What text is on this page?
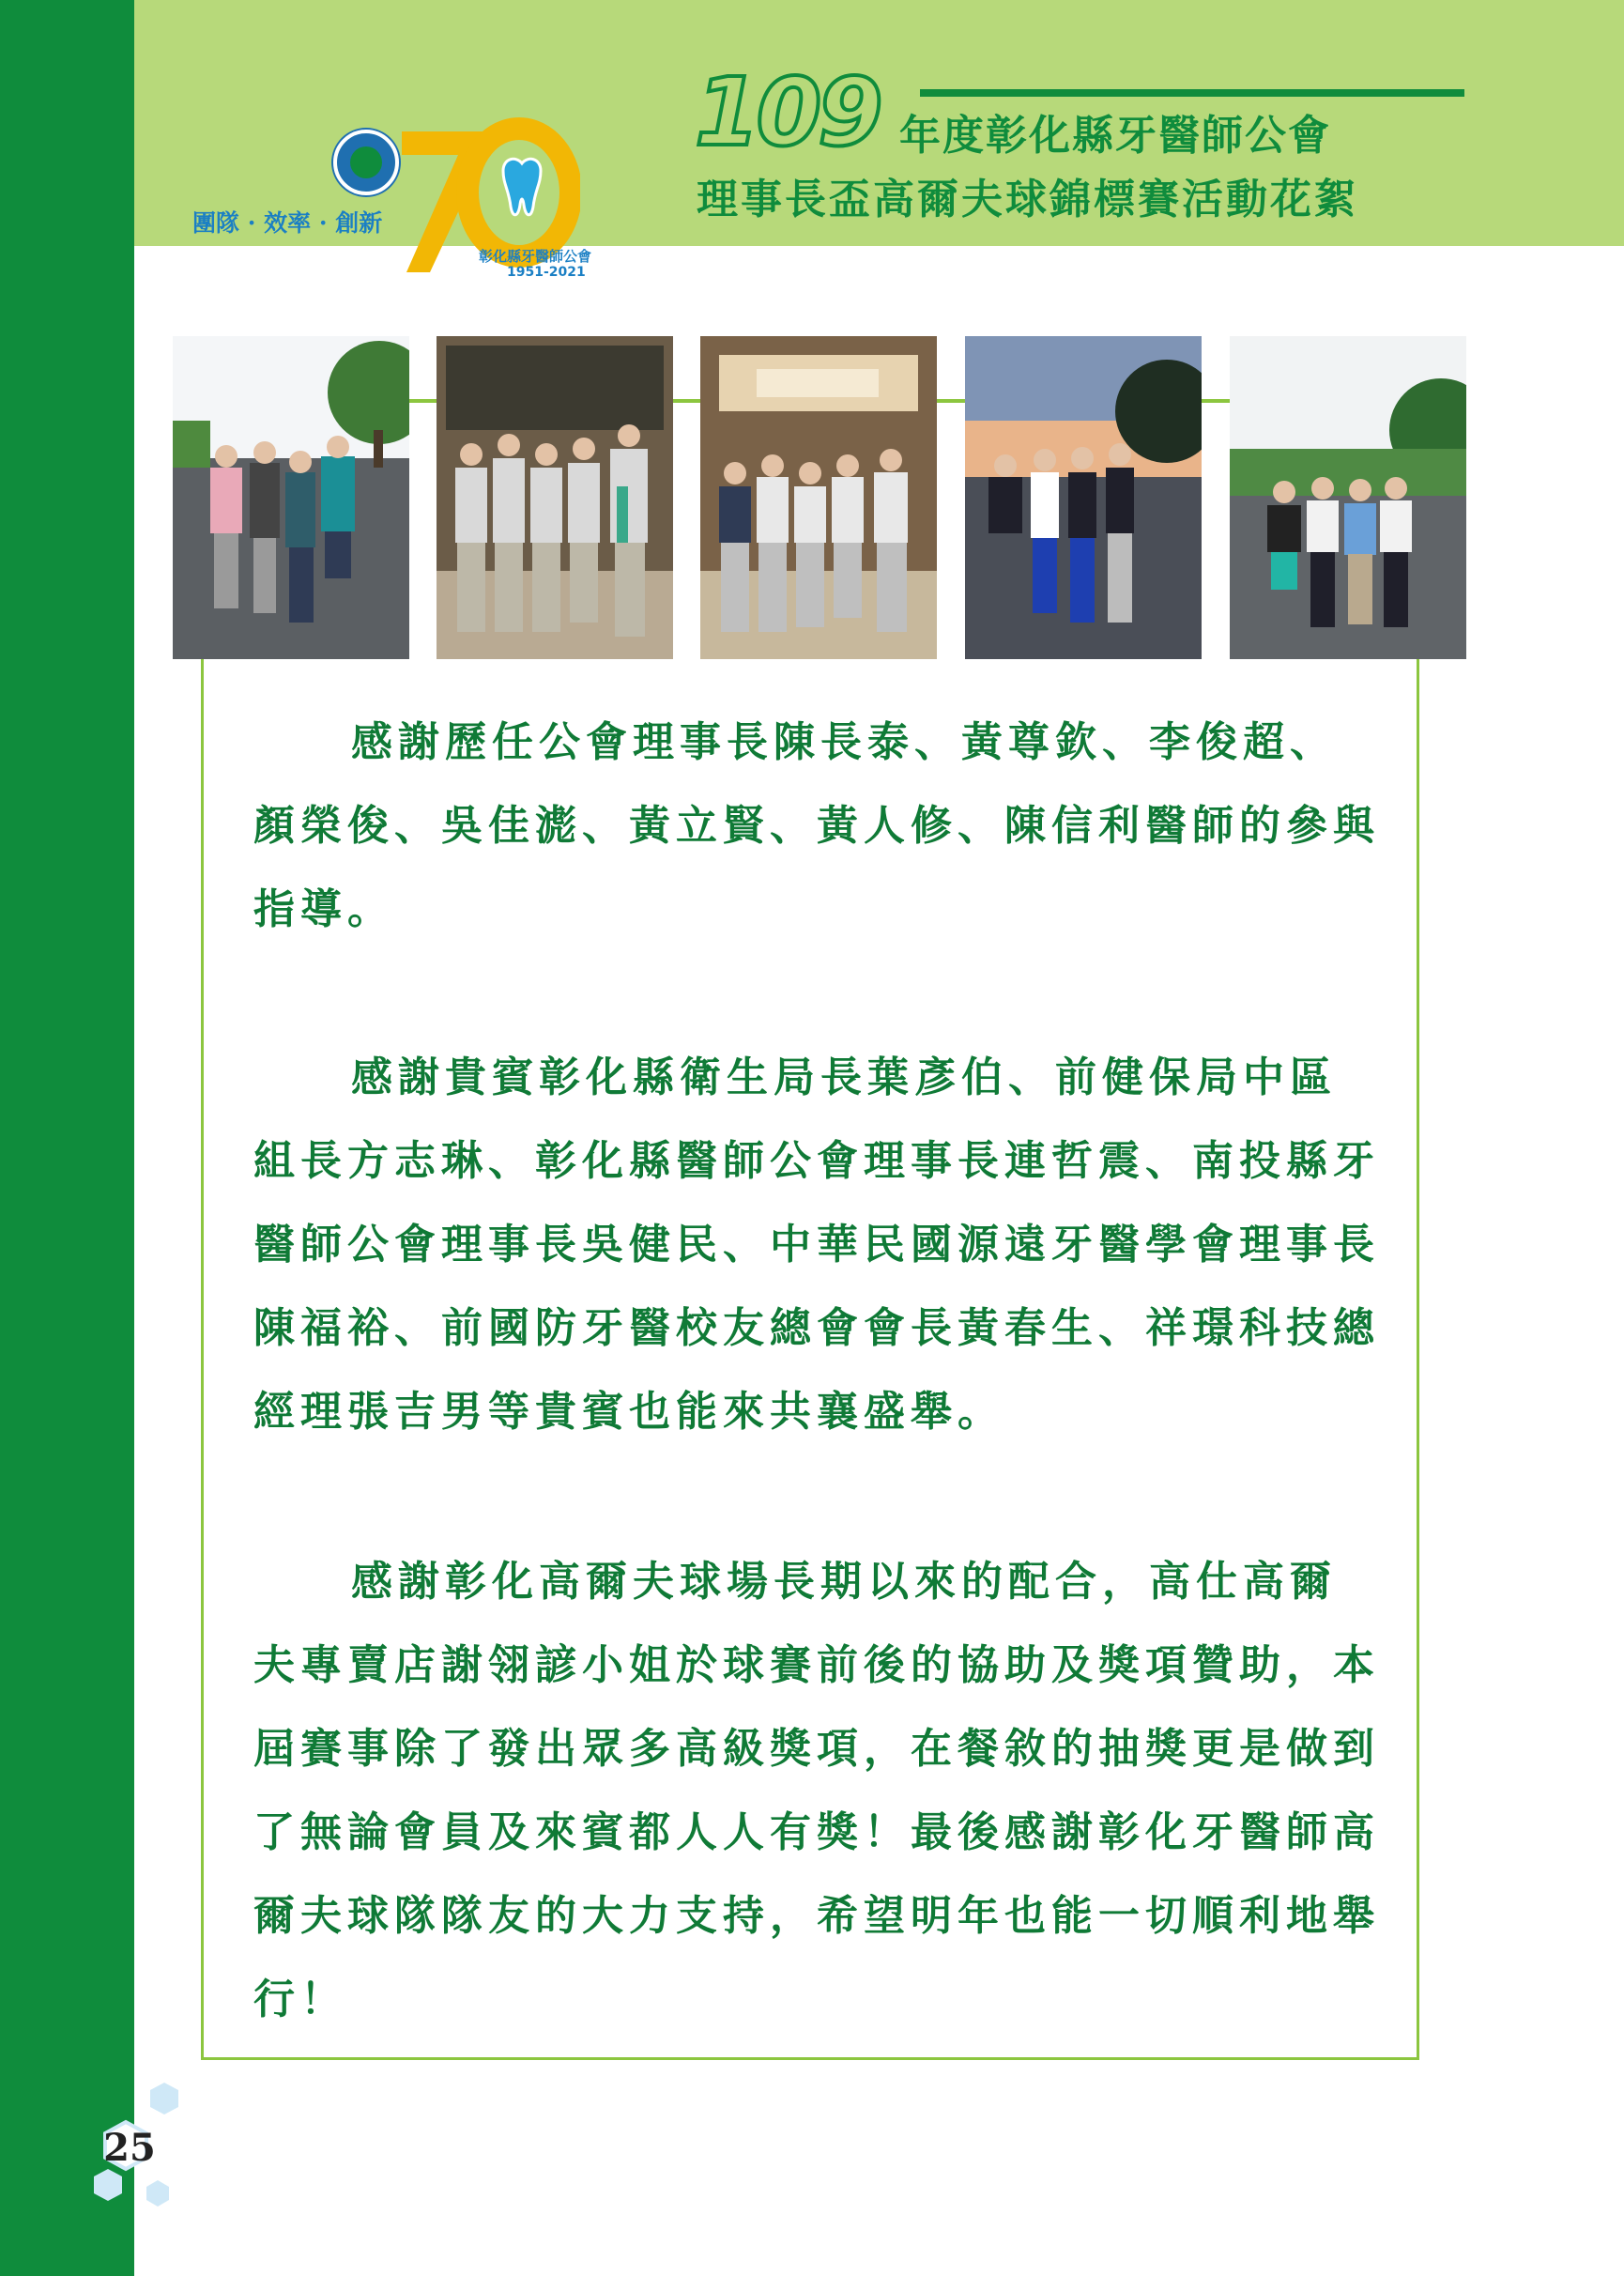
團隊 · 效率 · 創新
彰化縣牙醫師公會
1951-2021
109 年度彰化縣牙醫師公會
理事長盃高爾夫球錦標賽活動花絮

感謝歷任公會理事長陳長泰、黃尊欽、李俊超、顏榮俊、吳佳滮、黃立賢、黃人修、陳信利醫師的參與指導。

感謝貴賓彰化縣衛生局長葉彥伯、前健保局中區組長方志琳、彰化縣醫師公會理事長連哲震、南投縣牙醫師公會理事長吳健民、中華民國源遠牙醫學會理事長陳福裕、前國防牙醫校友總會會長黃春生、祥璟科技總經理張吉男等貴賓也能來共襄盛舉。

感謝彰化高爾夫球場長期以來的配合，高仕高爾夫專賣店謝翎諺小姐於球賽前後的協助及獎項贊助，本屆賽事除了發出眾多高級獎項，在餐敘的抽獎更是做到了無論會員及來賓都人人有獎！最後感謝彰化牙醫師高爾夫球隊隊友的大力支持，希望明年也能一切順利地舉行！

25
